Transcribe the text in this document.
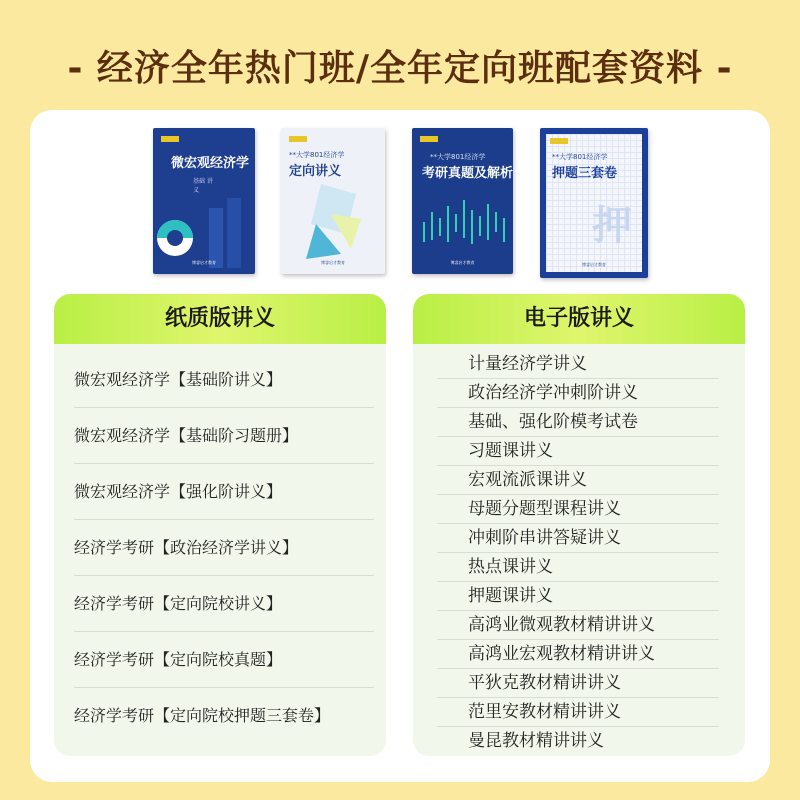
- 经济全年热门班/全年定向班配套资料 -
微宏观经济学
基础 讲义
博睿启才教育
**大学801经济学
定向讲义
博睿启才教育
**大学801经济学
考研真题及解析
博睿启才教育
**大学801经济学
押题三套卷
押
博睿启才教育
纸质版讲义
微宏观经济学【基础阶讲义】
微宏观经济学【基础阶习题册】
微宏观经济学【强化阶讲义】
经济学考研【政治经济学讲义】
经济学考研【定向院校讲义】
经济学考研【定向院校真题】
经济学考研【定向院校押题三套卷】
电子版讲义
计量经济学讲义
政治经济学冲刺阶讲义
基础、强化阶模考试卷
习题课讲义
宏观流派课讲义
母题分题型课程讲义
冲刺阶串讲答疑讲义
热点课讲义
押题课讲义
高鸿业微观教材精讲讲义
高鸿业宏观教材精讲讲义
平狄克教材精讲讲义
范里安教材精讲讲义
曼昆教材精讲讲义
